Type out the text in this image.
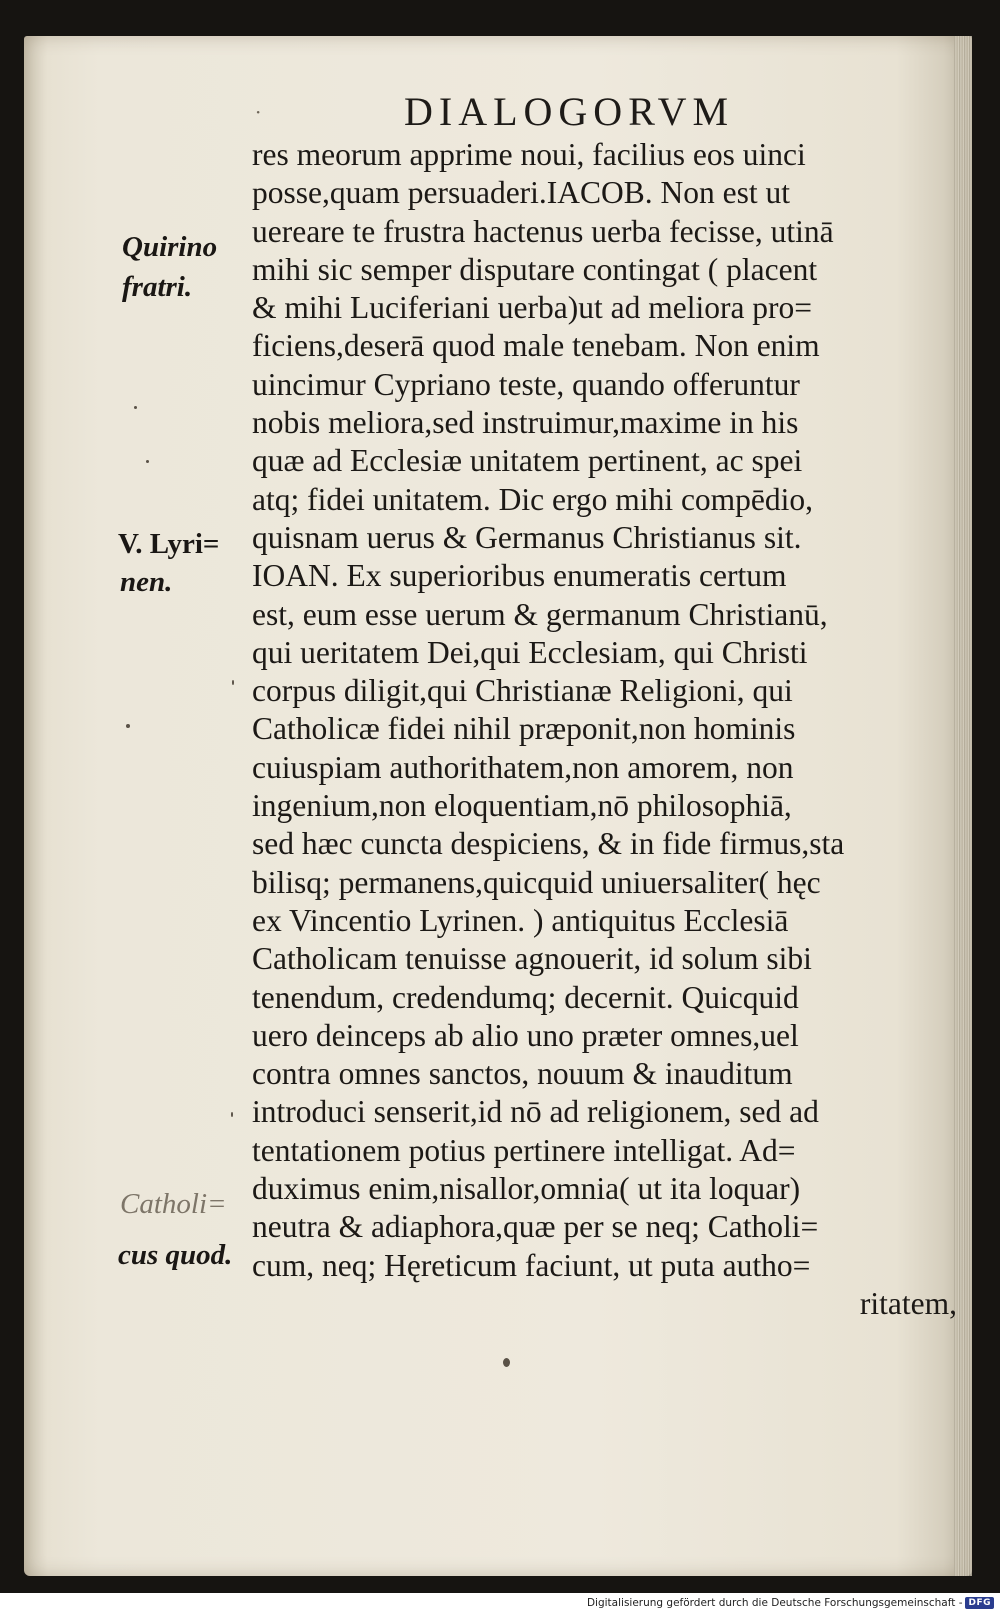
·	DIALOGORVM
res meorum apprime noui, facilius eos uinci
posse,quam persuaderi.IACOB. Non est ut
uereare te frustra hactenus uerba fecisse, utinā
mihi sic semper disputare contingat ( placent
& mihi Luciferiani uerba)ut ad meliora pro=
ficiens,deserā quod male tenebam. Non enim
uincimur Cypriano teste, quando offeruntur
nobis meliora,sed instruimur,maxime in his
quæ ad Ecclesiæ unitatem pertinent, ac spei
atq; fidei unitatem. Dic ergo mihi compēdio,
quisnam uerus & Germanus Christianus sit.
IOAN. Ex superioribus enumeratis certum
est, eum esse uerum & germanum Christianū,
qui ueritatem Dei,qui Ecclesiam, qui Christi
corpus diligit,qui Christianæ Religioni, qui
Catholicæ fidei nihil præponit,non hominis
cuiuspiam authorithatem,non amorem, non
ingenium,non eloquentiam,nō philosophiā,
sed hæc cuncta despiciens, & in fide firmus,sta
bilisq; permanens,quicquid uniuersaliter( hęc
ex Vincentio Lyrinen. ) antiquitus Ecclesiā
Catholicam tenuisse agnouerit, id solum sibi
tenendum, credendumq; decernit. Quicquid
uero deinceps ab alio uno præter omnes,uel
contra omnes sanctos, nouum & inauditum
introduci senserit,id nō ad religionem, sed ad
tentationem potius pertinere intelligat. Ad=
duximus enim,nisallor,omnia( ut ita loquar)
neutra & adiaphora,quæ per se neq; Catholi=
cum, neq; Hęreticum faciunt, ut puta autho=
ritatem,
Quirino
fratri.
V. Lyri=
nen.
Catholi=
cus quod.
Digitalisierung gefördert durch die Deutsche Forschungsgemeinschaft - DFG
